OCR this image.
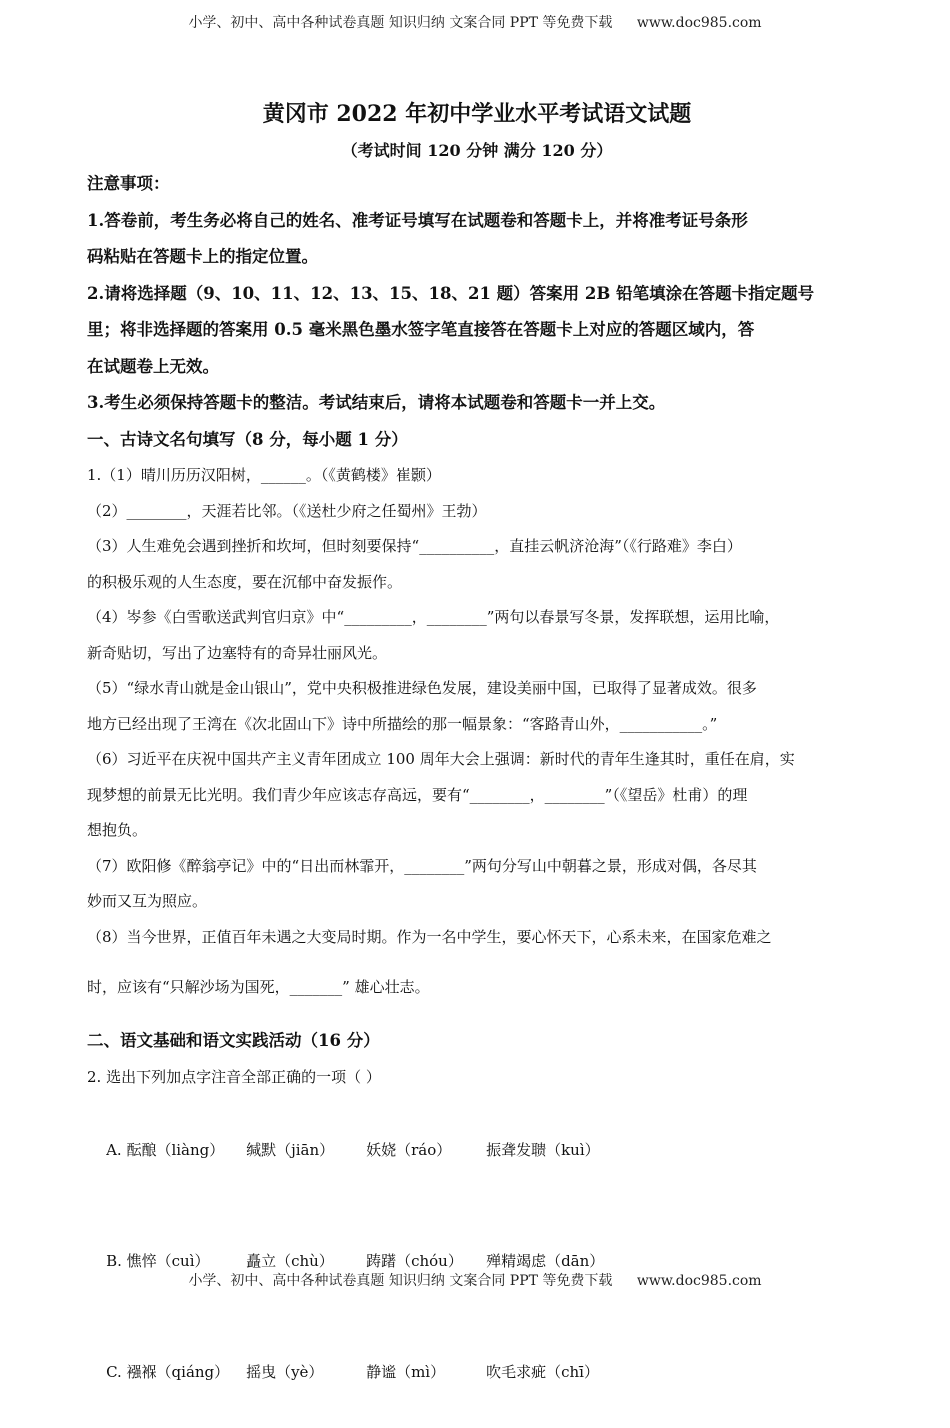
小学、初中、高中各种试卷真题 知识归纳 文案合同 PPT 等免费下载 www.doc985.com
黄冈市 2022 年初中学业水平考试语文试题
（考试时间 120 分钟 满分 120 分）
注意事项：
1.答卷前，考生务必将自己的姓名、准考证号填写在试题卷和答题卡上，并将准考证号条形
码粘贴在答题卡上的指定位置。
2.请将选择题（9、10、11、12、13、15、18、21 题）答案用 2B 铅笔填涂在答题卡指定题号
里；将非选择题的答案用 0.5 毫米黑色墨水签字笔直接答在答题卡上对应的答题区域内，答
在试题卷上无效。
3.考生必须保持答题卡的整洁。考试结束后，请将本试题卷和答题卡一并上交。
一、古诗文名句填写（8 分，每小题 1 分）
1.（1）晴川历历汉阳树，______。（《黄鹤楼》崔颢）
（2）________，天涯若比邻。（《送杜少府之任蜀州》王勃）
（3）人生难免会遇到挫折和坎坷，但时刻要保持“__________，直挂云帆济沧海”（《行路难》李白）
的积极乐观的人生态度，要在沉郁中奋发振作。
（4）岑参《白雪歌送武判官归京》中“_________，________”两句以春景写冬景，发挥联想，运用比喻，
新奇贴切，写出了边塞特有的奇异壮丽风光。
（5）“绿水青山就是金山银山”，党中央积极推进绿色发展，建设美丽中国，已取得了显著成效。很多
地方已经出现了王湾在《次北固山下》诗中所描绘的那一幅景象：“客路青山外，___________。”
（6）习近平在庆祝中国共产主义青年团成立 100 周年大会上强调：新时代的青年生逢其时，重任在肩，实
现梦想的前景无比光明。我们青少年应该志存高远，要有“________，________”（《望岳》杜甫）的理
想抱负。
（7）欧阳修《醉翁亭记》中的“日出而林霏开，________”两句分写山中朝暮之景，形成对偶，各尽其
妙而又互为照应。
（8）当今世界，正值百年未遇之大变局时期。作为一名中学生，要心怀天下，心系未来，在国家危难之
时，应该有“只解沙场为国死，_______” 雄心壮志。
二、语文基础和语文实践活动（16 分）
2. 选出下列加点字注音全部正确的一项（ ）

A. 酝酿（liàng） 缄默（jiān） 妖娆（ráo） 振聋发聩（kuì）

B. 憔悴（cuì） 矗立（chù） 踌躇（chóu） 殚精竭虑（dān）

C. 襁褓（qiáng） 摇曳（yè）	静谧（mì）	吹毛求疵（chī）

小学、初中、高中各种试卷真题 知识归纳 文案合同 PPT 等免费下载 www.doc985.com
